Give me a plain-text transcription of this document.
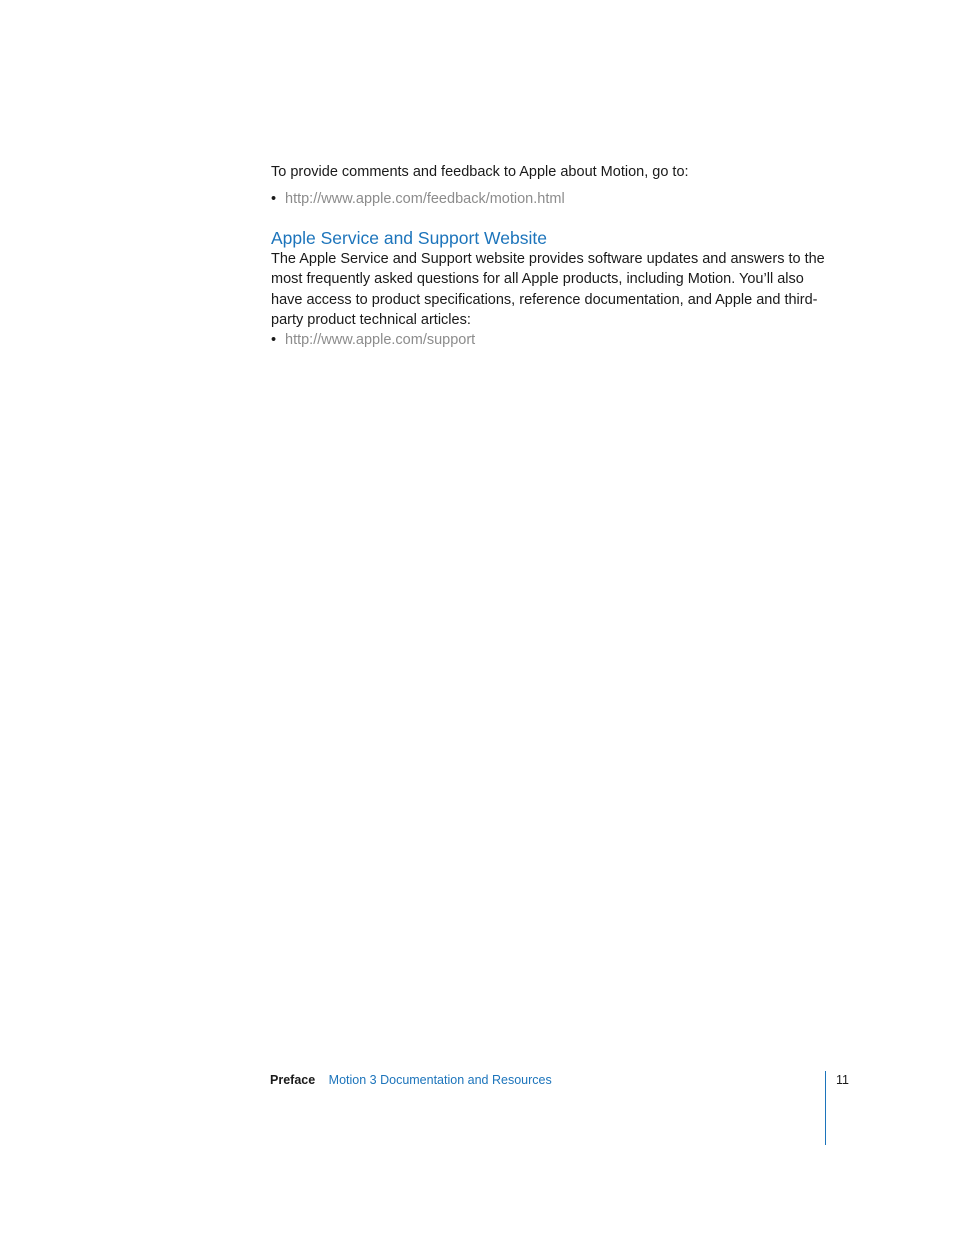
To provide comments and feedback to Apple about Motion, go to:

• http://www.apple.com/feedback/motion.html
Apple Service and Support Website

The Apple Service and Support website provides software updates and answers to the most frequently asked questions for all Apple products, including Motion. You’ll also have access to product specifications, reference documentation, and Apple and third-party product technical articles:

• http://www.apple.com/support
Preface Motion 3 Documentation and Resources	11
